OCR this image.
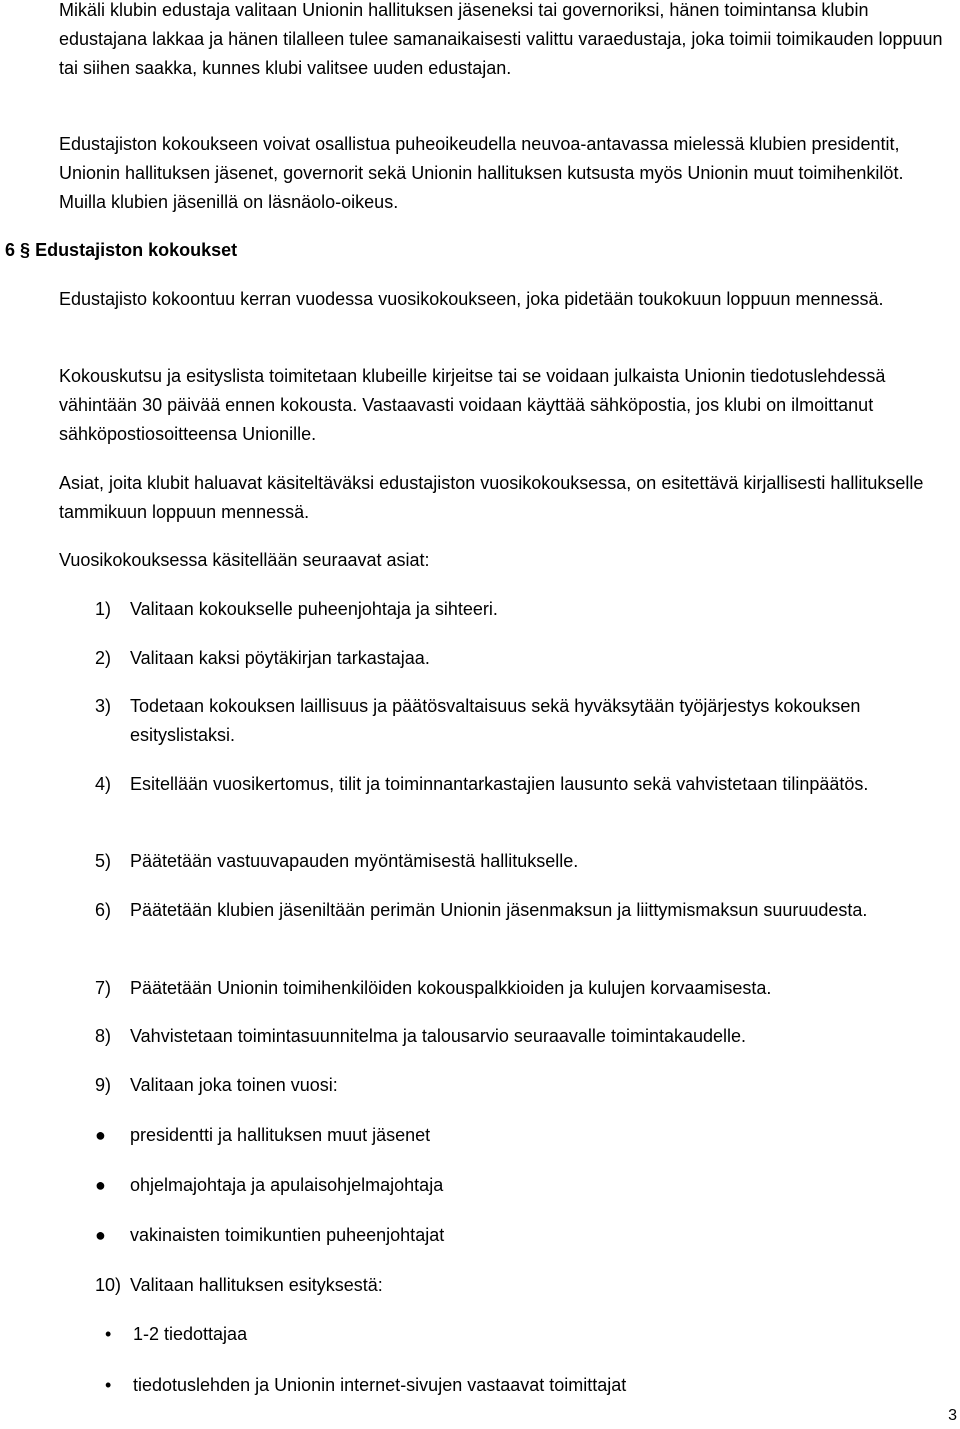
Mikäli klubin edustaja valitaan Unionin hallituksen jäseneksi tai governoriksi, hänen toimintansa klubin edustajana lakkaa ja hänen tilalleen tulee samanaikaisesti valittu varaedustaja, joka toimii toimikauden loppuun tai siihen saakka, kunnes klubi valitsee uuden edustajan.

Edustajiston kokoukseen voivat osallistua puheoikeudella neuvoa-antavassa mielessä klubien presidentit, Unionin hallituksen jäsenet, governorit sekä Unionin hallituksen kutsusta myös Unionin muut toimihenkilöt. Muilla klubien jäsenillä on läsnäolo-oikeus.

6 § Edustajiston kokoukset

Edustajisto kokoontuu kerran vuodessa vuosikokoukseen, joka pidetään toukokuun loppuun mennessä.

Kokouskutsu ja esityslista toimitetaan klubeille kirjeitse tai se voidaan julkaista Unionin tiedotuslehdessä vähintään 30 päivää ennen kokousta. Vastaavasti voidaan käyttää sähköpostia, jos klubi on ilmoittanut sähköpostiosoitteensa Unionille.

Asiat, joita klubit haluavat käsiteltäväksi edustajiston vuosikokouksessa, on esitettävä kirjallisesti hallitukselle tammikuun loppuun mennessä.

Vuosikokouksessa käsitellään seuraavat asiat:

1) Valitaan kokoukselle puheenjohtaja ja sihteeri.
2) Valitaan kaksi pöytäkirjan tarkastajaa.
3) Todetaan kokouksen laillisuus ja päätösvaltaisuus sekä hyväksytään työjärjestys kokouksen esityslistaksi.
4) Esitellään vuosikertomus, tilit ja toiminnantarkastajien lausunto sekä vahvistetaan tilinpäätös.
5) Päätetään vastuuvapauden myöntämisestä hallitukselle.
6) Päätetään klubien jäseniltään perimän Unionin jäsenmaksun ja liittymismaksun suuruudesta.
7) Päätetään Unionin toimihenkilöiden kokouspalkkioiden ja kulujen korvaamisesta.
8) Vahvistetaan toimintasuunnitelma ja talousarvio seuraavalle toimintakaudelle.
9) Valitaan joka toinen vuosi:
● presidentti ja hallituksen muut jäsenet
● ohjelmajohtaja ja apulaisohjelmajohtaja
● vakinaisten toimikuntien puheenjohtajat
10) Valitaan hallituksen esityksestä:
• 1-2 tiedottajaa
• tiedotuslehden ja Unionin internet-sivujen vastaavat toimittajat
3
